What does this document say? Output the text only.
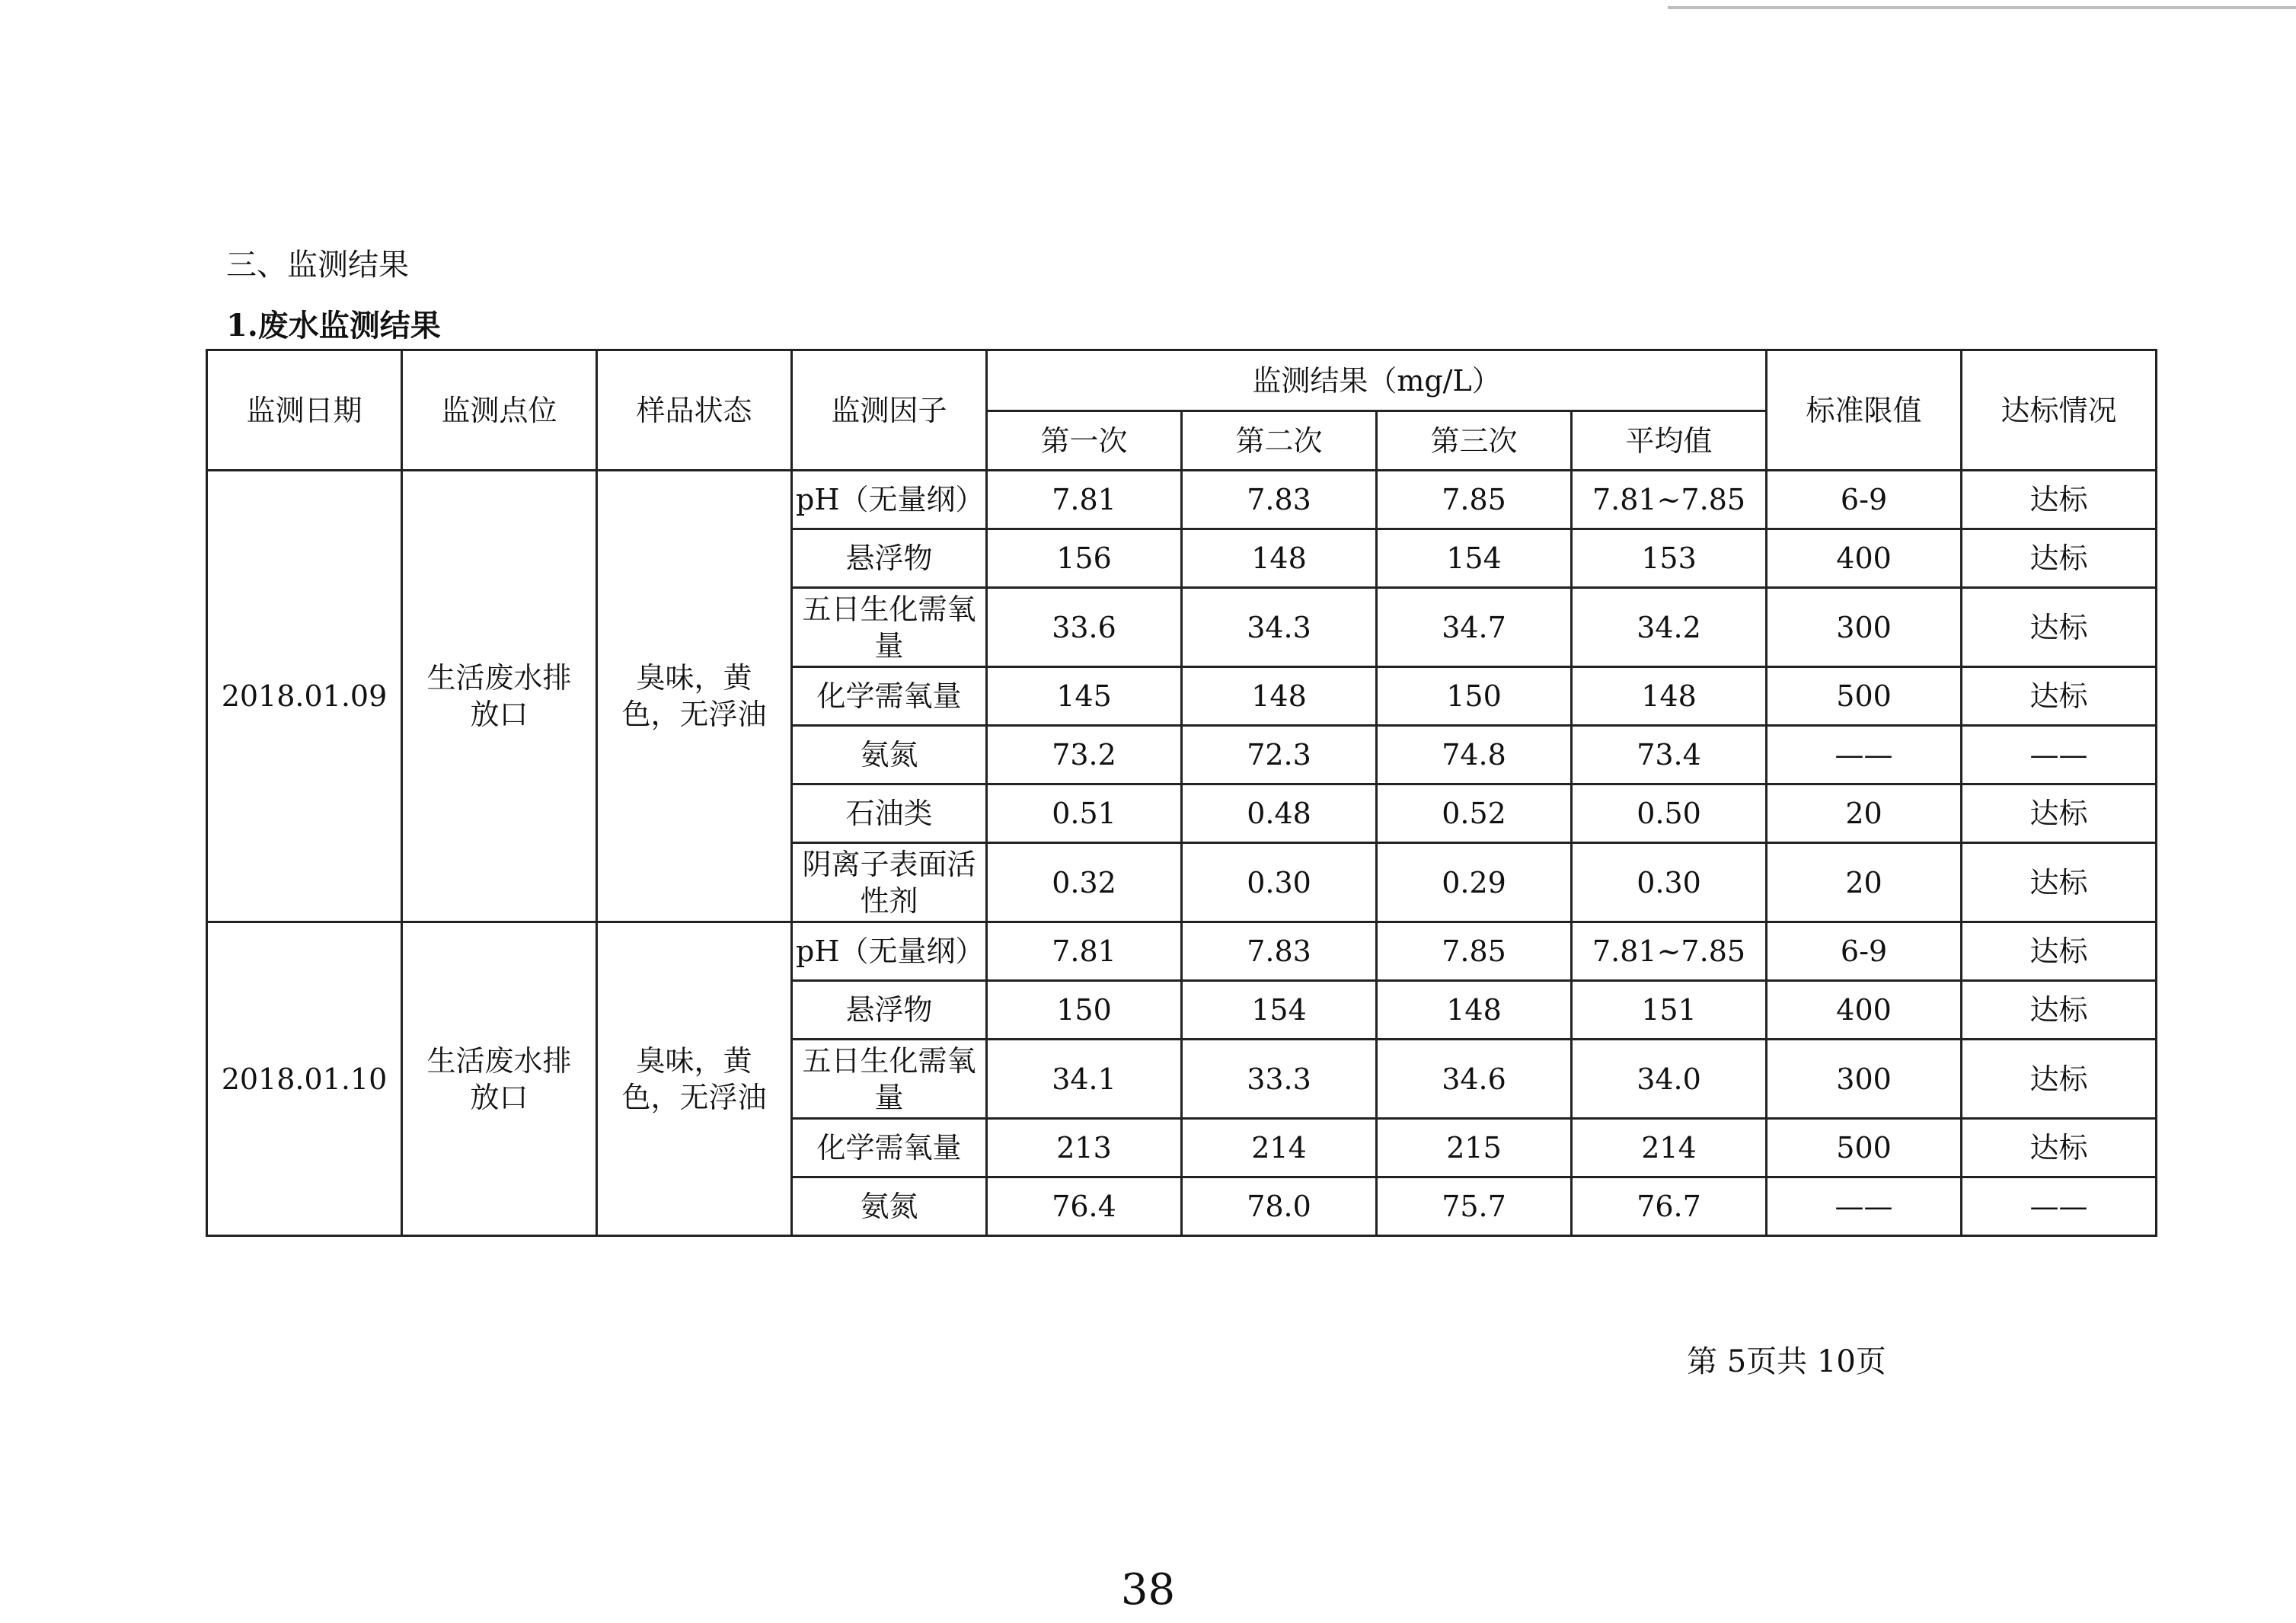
三、监测结果
1.废水监测结果
监测日期	监测点位	样品状态	监测因子	监测结果（mg/L）				标准限值	达标情况
				第一次	第二次	第三次	平均值		
2018.01.09	生活废水排放口	臭味，黄色，无浮油	pH（无量纲）	7.81	7.83	7.85	7.81~7.85	6-9	达标
			悬浮物	156	148	154	153	400	达标
			五日生化需氧量	33.6	34.3	34.7	34.2	300	达标
			化学需氧量	145	148	150	148	500	达标
			氨氮	73.2	72.3	74.8	73.4	——	——
			石油类	0.51	0.48	0.52	0.50	20	达标
			阴离子表面活性剂	0.32	0.30	0.29	0.30	20	达标
2018.01.10	生活废水排放口	臭味，黄色，无浮油	pH（无量纲）	7.81	7.83	7.85	7.81~7.85	6-9	达标
			悬浮物	150	154	148	151	400	达标
			五日生化需氧量	34.1	33.3	34.6	34.0	300	达标
			化学需氧量	213	214	215	214	500	达标
			氨氮	76.4	78.0	75.7	76.7	——	——
第 5页共 10页
38
